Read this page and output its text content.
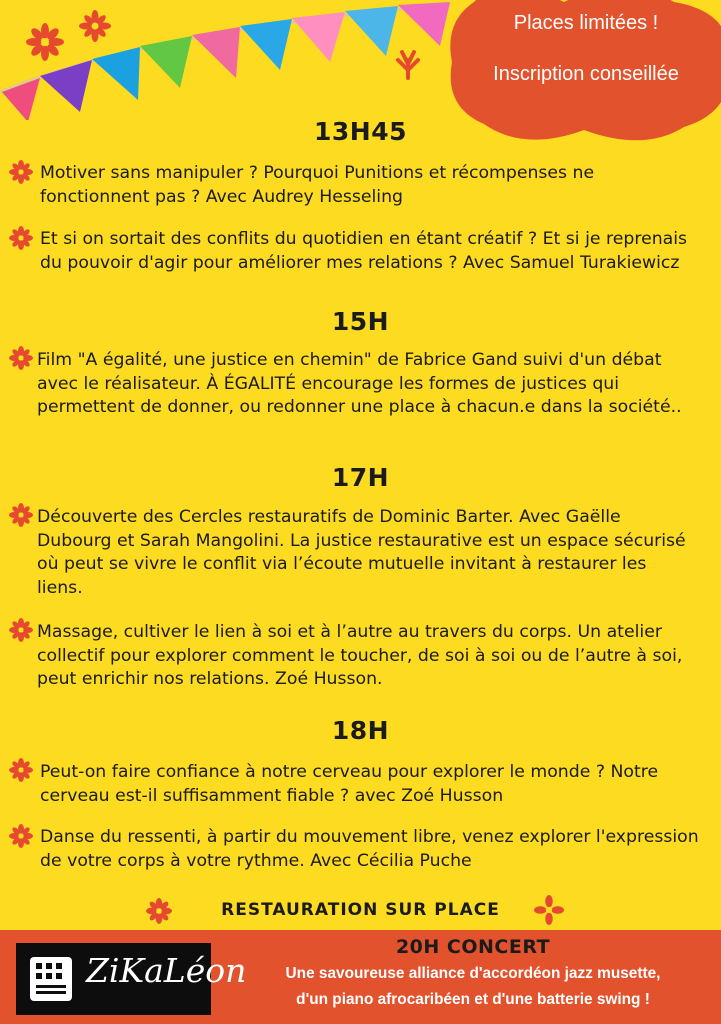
Places limitées !
Inscription conseillée
13H45
15H
17H
18H
Motiver sans manipuler ? Pourquoi Punitions et récompenses ne fonctionnent pas ? Avec Audrey Hesseling
Et si on sortait des conflits du quotidien en étant créatif ? Et si je reprenais du pouvoir d'agir pour améliorer mes relations ? Avec Samuel Turakiewicz
Film "A égalité, une justice en chemin" de Fabrice Gand suivi d'un débat avec le réalisateur. À ÉGALITÉ encourage les formes de justices qui permettent de donner, ou redonner une place à chacun.e dans la société..
Découverte des Cercles restauratifs de Dominic Barter. Avec Gaëlle Dubourg et Sarah Mangolini. La justice restaurative est un espace sécurisé où peut se vivre le conflit via l’écoute mutuelle invitant à restaurer les liens.
Massage, cultiver le lien à soi et à l’autre au travers du corps. Un atelier collectif pour explorer comment le toucher, de soi à soi ou de l’autre à soi, peut enrichir nos relations. Zoé Husson.
Peut-on faire confiance à notre cerveau pour explorer le monde ? Notre cerveau est-il suffisamment fiable ? avec Zoé Husson
Danse du ressenti, à partir du mouvement libre, venez explorer l'expression de votre corps à votre rythme. Avec Cécilia Puche
RESTAURATION SUR PLACE
ZiKaLéon
20H CONCERT
Une savoureuse alliance d'accordéon jazz musette,
d'un piano afrocaribéen et d'une batterie swing !
